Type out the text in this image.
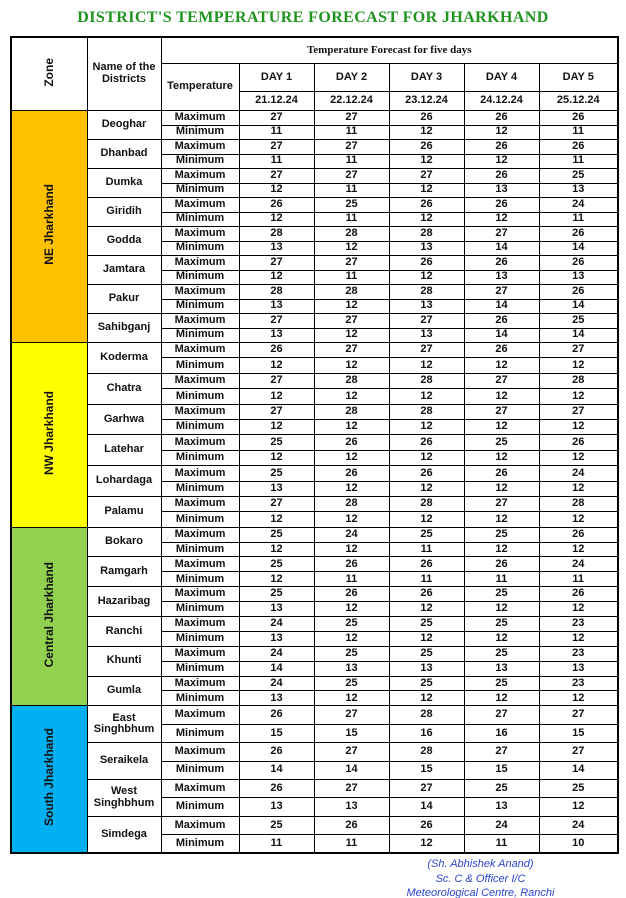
DISTRICT'S TEMPERATURE FORECAST FOR JHARKHAND
Zone	Name of the Districts	Temperature Forecast for five days					
		Temperature	DAY 1	DAY 2	DAY 3	DAY 4	DAY 5
			21.12.24	22.12.24	23.12.24	24.12.24	25.12.24
NE Jharkhand	Deoghar	Maximum	27	27	26	26	26
		Minimum	11	11	12	12	11
	Dhanbad	Maximum	27	27	26	26	26
		Minimum	11	11	12	12	11
	Dumka	Maximum	27	27	27	26	25
		Minimum	12	11	12	13	13
	Giridih	Maximum	26	25	26	26	24
		Minimum	12	11	12	12	11
	Godda	Maximum	28	28	28	27	26
		Minimum	13	12	13	14	14
	Jamtara	Maximum	27	27	26	26	26
		Minimum	12	11	12	13	13
	Pakur	Maximum	28	28	28	27	26
		Minimum	13	12	13	14	14
	Sahibganj	Maximum	27	27	27	26	25
		Minimum	13	12	13	14	14
NW Jharkhand	Koderma	Maximum	26	27	27	26	27
		Minimum	12	12	12	12	12
	Chatra	Maximum	27	28	28	27	28
		Minimum	12	12	12	12	12
	Garhwa	Maximum	27	28	28	27	27
		Minimum	12	12	12	12	12
	Latehar	Maximum	25	26	26	25	26
		Minimum	12	12	12	12	12
	Lohardaga	Maximum	25	26	26	26	24
		Minimum	13	12	12	12	12
	Palamu	Maximum	27	28	28	27	28
		Minimum	12	12	12	12	12
Central Jharkhand	Bokaro	Maximum	25	24	25	25	26
		Minimum	12	12	11	12	12
	Ramgarh	Maximum	25	26	26	26	24
		Minimum	12	11	11	11	11
	Hazaribag	Maximum	25	26	26	25	26
		Minimum	13	12	12	12	12
	Ranchi	Maximum	24	25	25	25	23
		Minimum	13	12	12	12	12
	Khunti	Maximum	24	25	25	25	23
		Minimum	14	13	13	13	13
	Gumla	Maximum	24	25	25	25	23
		Minimum	13	12	12	12	12
South Jharkhand	East Singhbhum	Maximum	26	27	28	27	27
		Minimum	15	15	16	16	15
	Seraikela	Maximum	26	27	28	27	27
		Minimum	14	14	15	15	14
	West Singhbhum	Maximum	26	27	27	25	25
		Minimum	13	13	14	13	12
	Simdega	Maximum	25	26	26	24	24
		Minimum	11	11	12	11	10
(Sh. Abhishek Anand)
Sc. C & Officer I/C
Meteorological Centre, Ranchi
